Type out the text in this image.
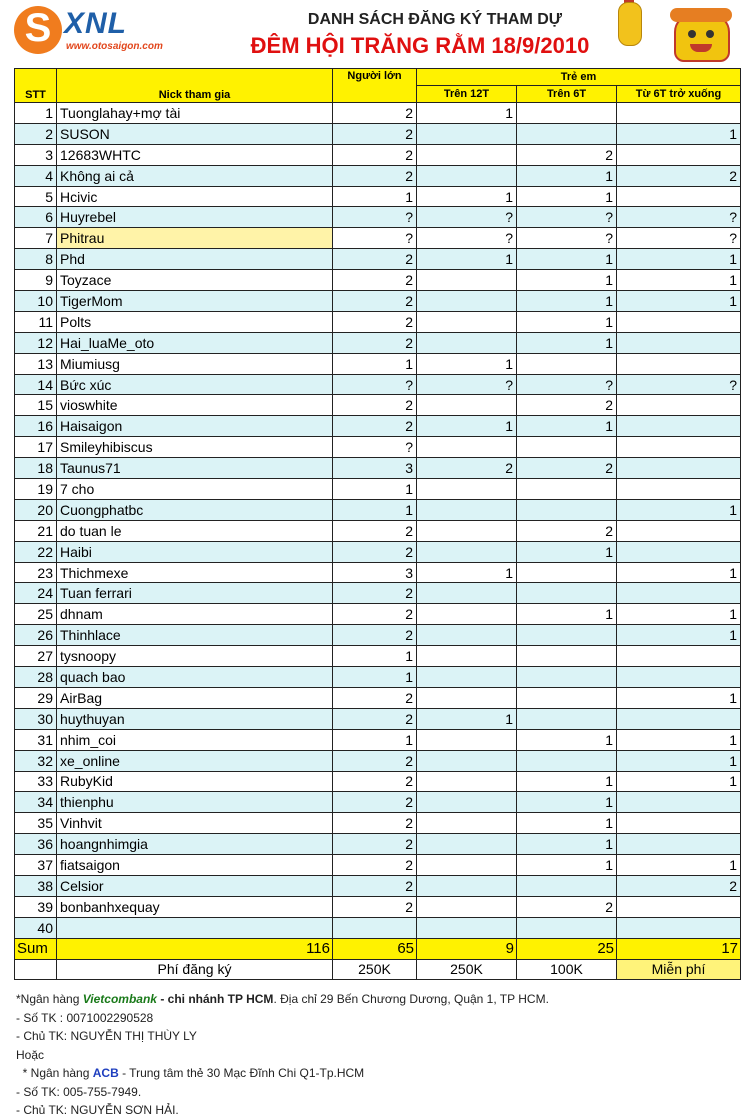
S XNL
www.otosaigon.com
DANH SÁCH ĐĂNG KÝ THAM DỰ
ĐÊM HỘI TRĂNG RẰM 18/9/2010
STT	Nick tham gia	Người lớn	Trẻ em		
			Trên 12T	Trên 6T	Từ 6T trở xuống
1	Tuonglahay+mợ tài	2	1		
2	SUSON	2			1
3	12683WHTC	2		2	
4	Không ai cả	2		1	2
5	Hcivic	1	1	1	
6	Huyrebel	?	?	?	?
7	Phitrau	?	?	?	?
8	Phd	2	1	1	1
9	Toyzace	2		1	1
10	TigerMom	2		1	1
11	Polts	2		1	
12	Hai_luaMe_oto	2		1	
13	Miumiusg	1	1		
14	Bức xúc	?	?	?	?
15	vioswhite	2		2	
16	Haisaigon	2	1	1	
17	Smileyhibiscus	?			
18	Taunus71	3	2	2	
19	7 cho	1			
20	Cuongphatbc	1			1
21	do tuan le	2		2	
22	Haibi	2		1	
23	Thichmexe	3	1		1
24	Tuan ferrari	2			
25	dhnam	2		1	1
26	Thinhlace	2			1
27	tysnoopy	1			
28	quach bao	1			
29	AirBag	2			1
30	huythuyan	2	1		
31	nhim_coi	1		1	1
32	xe_online	2			1
33	RubyKid	2		1	1
34	thienphu	2		1	
35	Vinhvit	2		1	
36	hoangnhimgia	2		1	
37	fiatsaigon	2		1	1
38	Celsior	2			2
39	bonbanhxequay	2		2	
40					
Sum	116	65	9	25	17
	Phí đăng ký	250K	250K	100K	Miễn phí
*Ngân hàng Vietcombank - chi nhánh TP HCM. Địa chỉ 29 Bến Chương Dương, Quận 1, TP HCM.
- Số TK : 0071002290528
- Chủ TK: NGUYỄN THỊ THÙY LY
Hoặc
* Ngân hàng ACB - Trung tâm thẻ 30 Mạc Đĩnh Chi Q1-Tp.HCM
- Số TK: 005-755-7949.
- Chủ TK: NGUYỄN SƠN HẢI.
